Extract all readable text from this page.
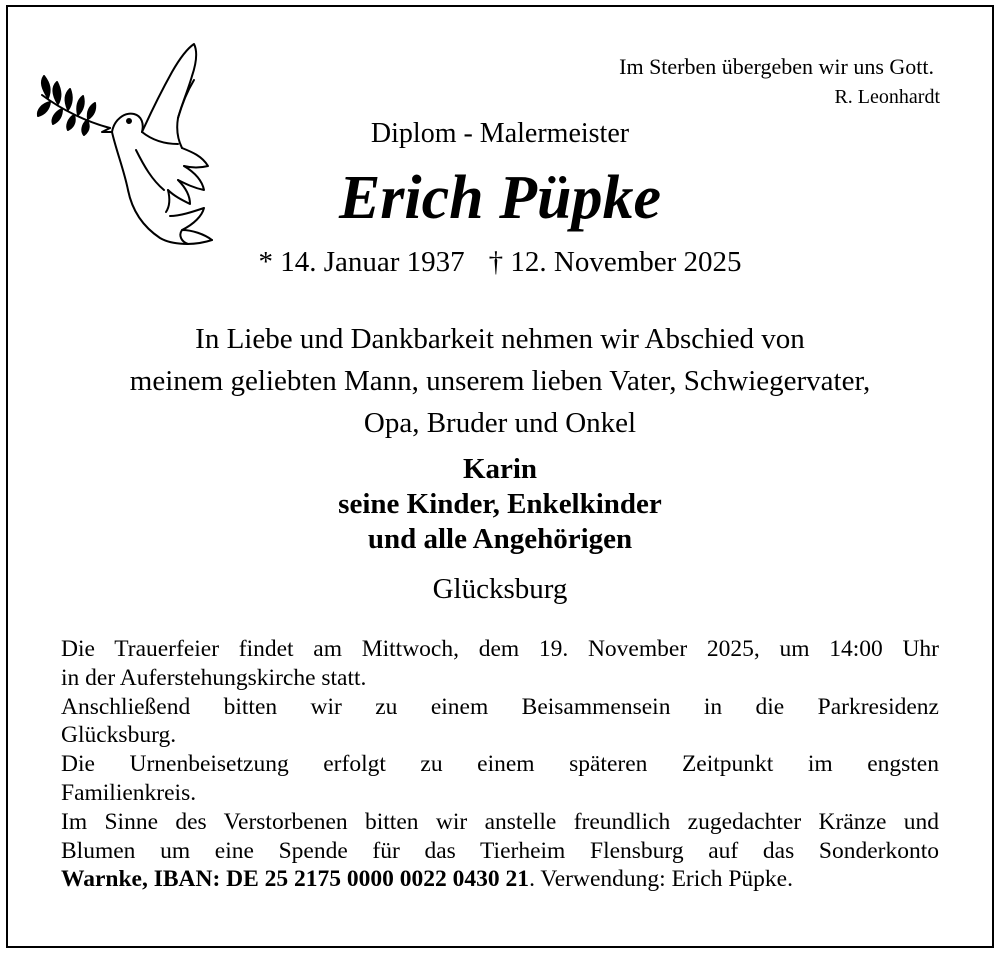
Im Sterben übergeben wir uns Gott.
R. Leonhardt
Diplom - Malermeister
Erich Püpke
* 14. Januar 1937 † 12. November 2025
In Liebe und Dankbarkeit nehmen wir Abschied von
meinem geliebten Mann, unserem lieben Vater, Schwiegervater,
Opa, Bruder und Onkel
Karin
seine Kinder, Enkelkinder
und alle Angehörigen
Glücksburg

Die Trauerfeier findet am Mittwoch, dem 19. November 2025, um 14:00 Uhr
in der Auferstehungskirche statt.

Anschließend bitten wir zu einem Beisammensein in die Parkresidenz
Glücksburg.

Die Urnenbeisetzung erfolgt zu einem späteren Zeitpunkt im engsten
Familienkreis.

Im Sinne des Verstorbenen bitten wir anstelle freundlich zugedachter Kränze und
Blumen um eine Spende für das Tierheim Flensburg auf das Sonderkonto
Warnke, IBAN: DE 25 2175 0000 0022 0430 21. Verwendung: Erich Püpke.
